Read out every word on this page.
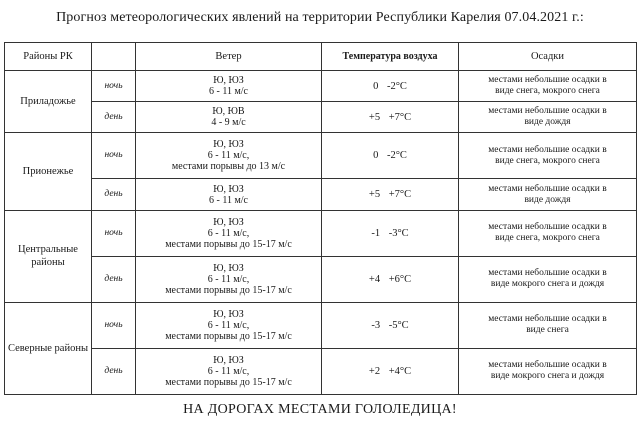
Прогноз метеорологических явлений на территории Республики Карелия 07.04.2021 г.:
Районы РК		Ветер	Температура воздуха	Осадки
Приладожье	ночь	Ю, ЮЗ
6 - 11 м/с	0 -2°С	местами небольшие осадки в
виде снега, мокрого снега

	день	Ю, ЮВ
4 - 9 м/с	+5 +7°С	местами небольшие осадки в
виде дождя

Прионежье	ночь	Ю, ЮЗ
6 - 11 м/с,
местами порывы до 13 м/с	0 -2°С	местами небольшие осадки в
виде снега, мокрого снега

	день	Ю, ЮЗ
6 - 11 м/с	+5 +7°С	местами небольшие осадки в
виде дождя

Центральные районы	ночь	Ю, ЮЗ
6 - 11 м/с,
местами порывы до 15-17 м/с	-1 -3°С	местами небольшие осадки в
виде снега, мокрого снега

	день	Ю, ЮЗ
6 - 11 м/с,
местами порывы до 15-17 м/с	+4 +6°С	местами небольшие осадки в
виде мокрого снега и дождя

Северные районы	ночь	Ю, ЮЗ
6 - 11 м/с,
местами порывы до 15-17 м/с	-3 -5°С	местами небольшие осадки в
виде снега

	день	Ю, ЮЗ
6 - 11 м/с,
местами порывы до 15-17 м/с	+2 +4°С	местами небольшие осадки в
виде мокрого снега и дождя
НА ДОРОГАХ МЕСТАМИ ГОЛОЛЕДИЦА!
